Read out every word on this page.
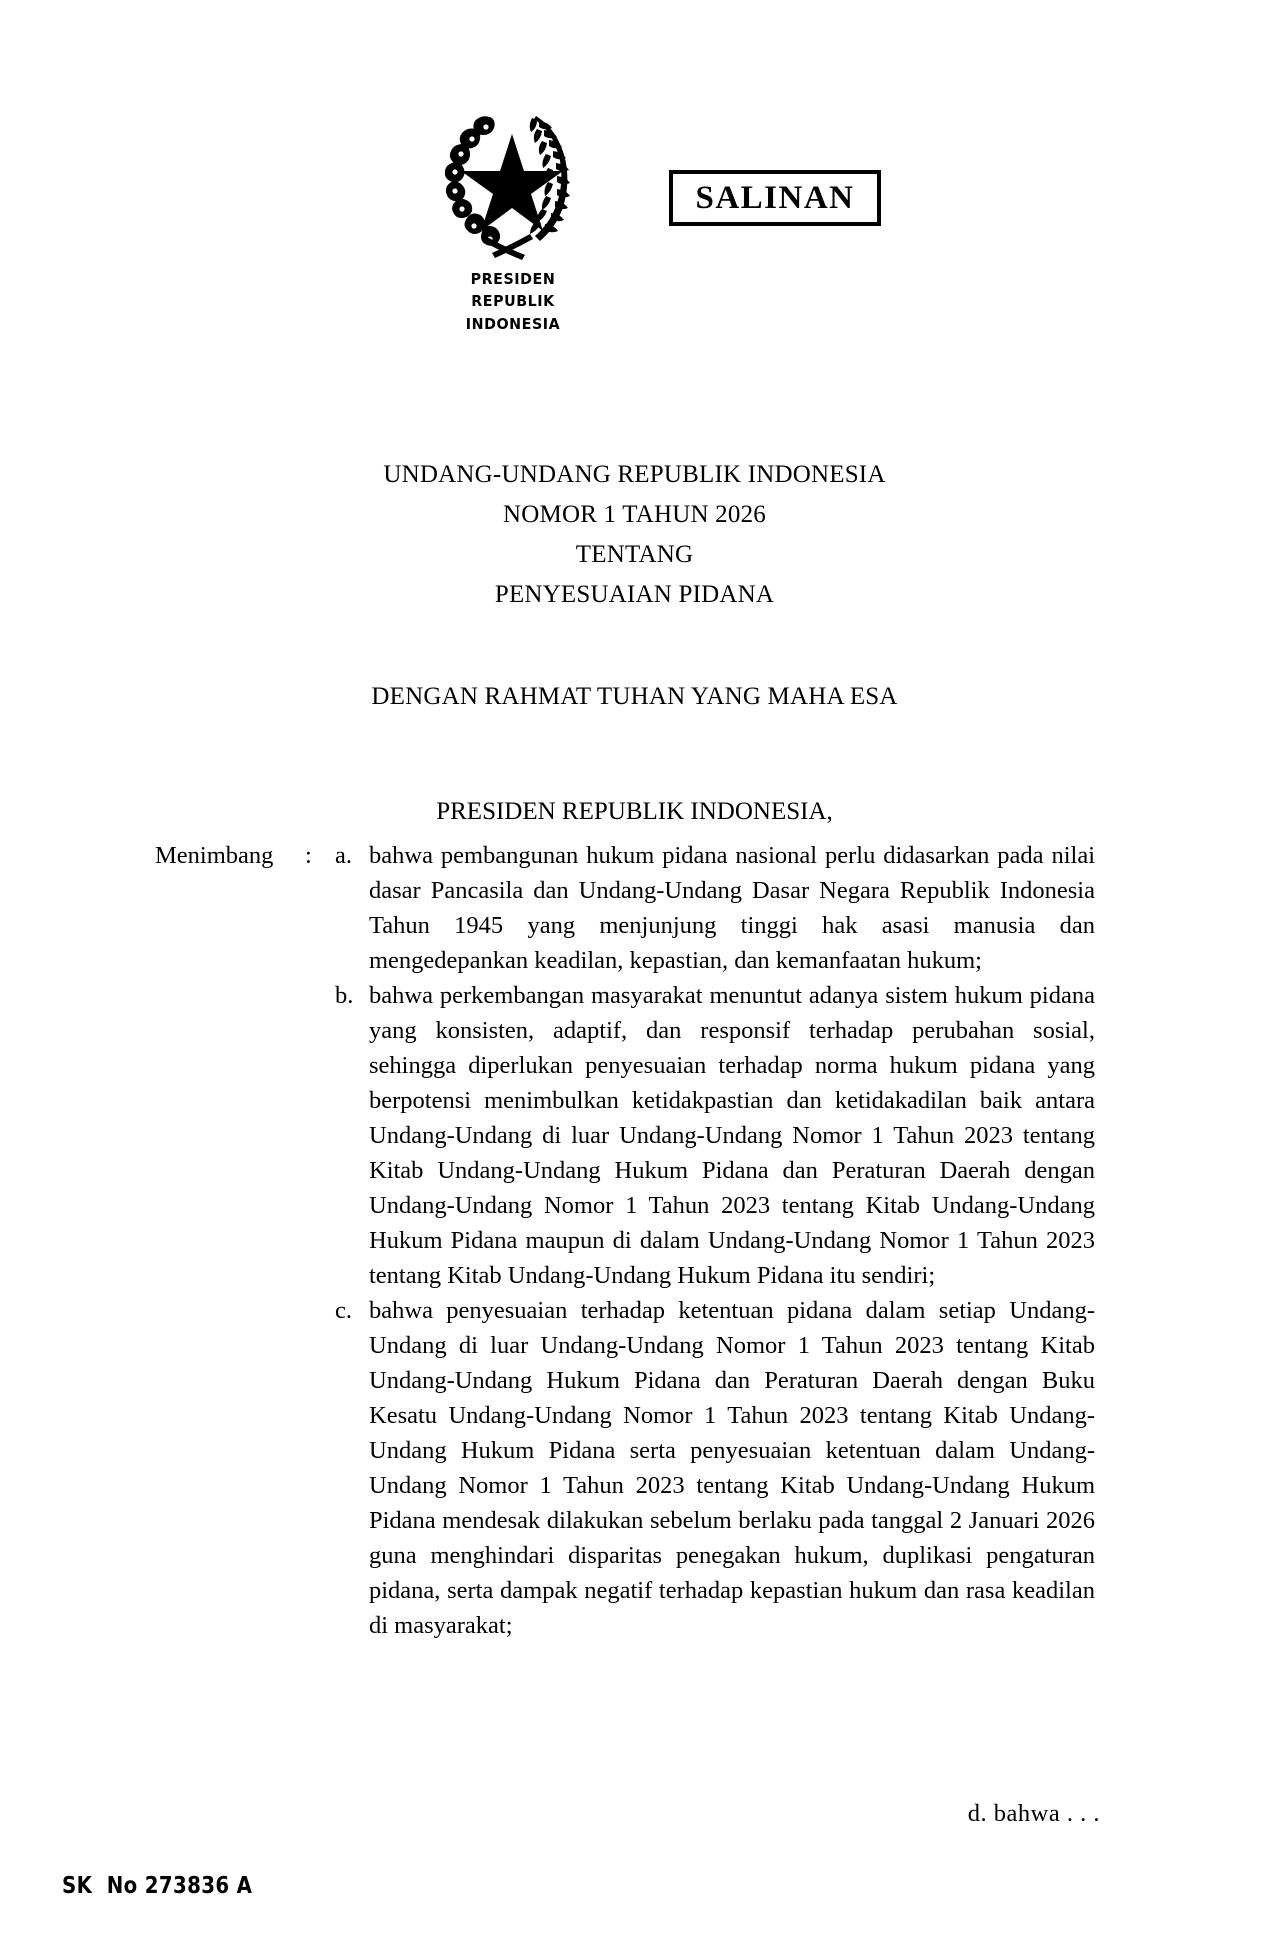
SALINAN
PRESIDEN
REPUBLIK INDONESIA
UNDANG-UNDANG REPUBLIK INDONESIA
NOMOR 1 TAHUN 2026
TENTANG
PENYESUAIAN PIDANA
DENGAN RAHMAT TUHAN YANG MAHA ESA
PRESIDEN REPUBLIK INDONESIA,
Menimbang	: a. bahwa pembangunan hukum pidana nasional perlu didasarkan pada nilai dasar Pancasila dan Undang-Undang Dasar Negara Republik Indonesia Tahun 1945 yang menjunjung tinggi hak asasi manusia dan mengedepankan keadilan, kepastian, dan kemanfaatan hukum;
b. bahwa perkembangan masyarakat menuntut adanya sistem hukum pidana yang konsisten, adaptif, dan responsif terhadap perubahan sosial, sehingga diperlukan penyesuaian terhadap norma hukum pidana yang berpotensi menimbulkan ketidakpastian dan ketidakadilan baik antara Undang-Undang di luar Undang-Undang Nomor 1 Tahun 2023 tentang Kitab Undang-Undang Hukum Pidana dan Peraturan Daerah dengan Undang-Undang Nomor 1 Tahun 2023 tentang Kitab Undang-Undang Hukum Pidana maupun di dalam Undang-Undang Nomor 1 Tahun 2023 tentang Kitab Undang-Undang Hukum Pidana itu sendiri;
c. bahwa penyesuaian terhadap ketentuan pidana dalam setiap Undang-Undang di luar Undang-Undang Nomor 1 Tahun 2023 tentang Kitab Undang-Undang Hukum Pidana dan Peraturan Daerah dengan Buku Kesatu Undang-Undang Nomor 1 Tahun 2023 tentang Kitab Undang-Undang Hukum Pidana serta penyesuaian ketentuan dalam Undang-Undang Nomor 1 Tahun 2023 tentang Kitab Undang-Undang Hukum Pidana mendesak dilakukan sebelum berlaku pada tanggal 2 Januari 2026 guna menghindari disparitas penegakan hukum, duplikasi pengaturan pidana, serta dampak negatif terhadap kepastian hukum dan rasa keadilan di masyarakat;
d. bahwa . . .
SK  No 273836 A
